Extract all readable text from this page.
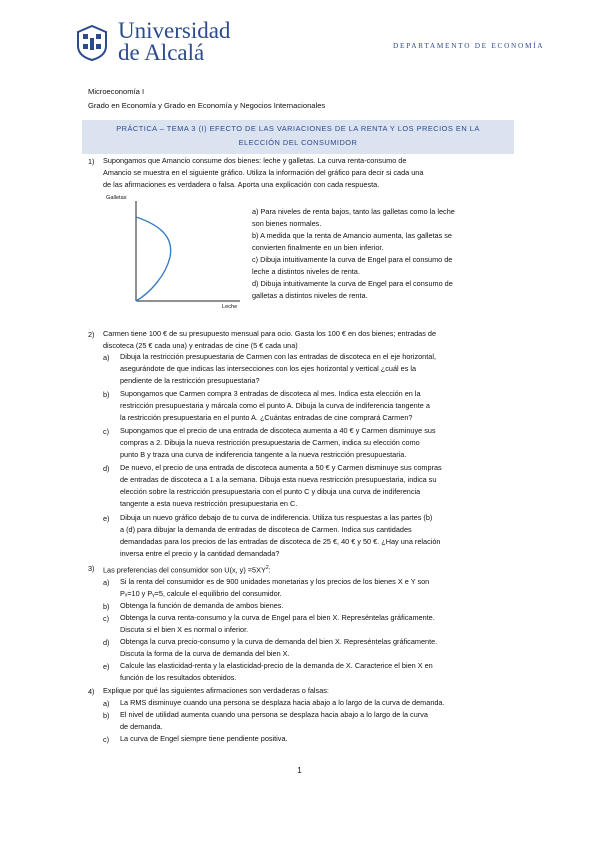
Universidad
de Alcalá	DEPARTAMENTO DE ECONOMÍA
Microeconomía I
Grado en Economía y Grado en Economía y Negocios Internacionales
PRÁCTICA – TEMA 3 (I) EFECTO DE LAS VARIACIONES DE LA RENTA Y LOS PRECIOS EN LA
ELECCIÓN DEL CONSUMIDOR
1) Supongamos que Amancio consume dos bienes: leche y galletas. La curva renta-consumo de
Amancio se muestra en el siguiente gráfico. Utiliza la información del gráfico para decir si cada una
de las afirmaciones es verdadera o falsa. Aporta una explicación con cada respuesta.
Galletas
Leche
a) Para niveles de renta bajos, tanto las galletas como la leche
son bienes normales.
b) A medida que la renta de Amancio aumenta, las galletas se
convierten finalmente en un bien inferior.
c) Dibuja intuitivamente la curva de Engel para el consumo de
leche a distintos niveles de renta.
d) Dibuja intuitivamente la curva de Engel para el consumo de
galletas a distintos niveles de renta.
2) Carmen tiene 100 € de su presupuesto mensual para ocio. Gasta los 100 € en dos bienes; entradas de
discoteca (25 € cada una) y entradas de cine (5 € cada una)
a) Dibuja la restricción presupuestaria de Carmen con las entradas de discoteca en el eje horizontal,
asegurándote de que indicas las intersecciones con los ejes horizontal y vertical ¿cuál es la
pendiente de la restricción presupuestaria?
b) Supongamos que Carmen compra 3 entradas de discoteca al mes. Indica esta elección en la
restricción presupuestaria y márcala como el punto A. Dibuja la curva de indiferencia tangente a
la restricción presupuestaria en el punto A. ¿Cuántas entradas de cine comprará Carmen?
c) Supongamos que el precio de una entrada de discoteca aumenta a 40 € y Carmen disminuye sus
compras a 2. Dibuja la nueva restricción presupuestaria de Carmen, indica su elección como
punto B y traza una curva de indiferencia tangente a la nueva restricción presupuestaria.
d) De nuevo, el precio de una entrada de discoteca aumenta a 50 € y Carmen disminuye sus compras
de entradas de discoteca a 1 a la semana. Dibuja esta nueva restricción presupuestaria, indica su
elección sobre la restricción presupuestaria con el punto C y dibuja una curva de indiferencia
tangente a esta nueva restricción presupuestaria en C.
e) Dibuja un nuevo gráfico debajo de tu curva de indiferencia. Utiliza tus respuestas a las partes (b)
a (d) para dibujar la demanda de entradas de discoteca de Carmen. Indica sus cantidades
demandadas para los precios de las entradas de discoteca de 25 €, 40 € y 50 €. ¿Hay una relación
inversa entre el precio y la cantidad demandada?
3) Las preferencias del consumidor son U(x, $y) =5XY^2$:
a) Si la renta del consumidor es de 900 unidades monetarias y los precios de los bienes X e Y son
Pₓ=10 y Pᵧ=5, calcule el equilibrio del consumidor.
b) Obtenga la función de demanda de ambos bienes.
c) Obtenga la curva renta-consumo y la curva de Engel para el bien X. Represéntelas gráficamente.
Discuta si el bien X es normal o inferior.
d) Obtenga la curva precio-consumo y la curva de demanda del bien X. Represéntelas gráficamente.
Discuta la forma de la curva de demanda del bien X.
e) Calcule las elasticidad-renta y la elasticidad-precio de la demanda de X. Caracterice el bien X en
función de los resultados obtenidos.
4) Explique por qué las siguientes afirmaciones son verdaderas o falsas:
a) La RMS disminuye cuando una persona se desplaza hacia abajo a lo largo de la curva de demanda.
b) El nivel de utilidad aumenta cuando una persona se desplaza hacia abajo a lo largo de la curva
de demanda.
c) La curva de Engel siempre tiene pendiente positiva.
1
